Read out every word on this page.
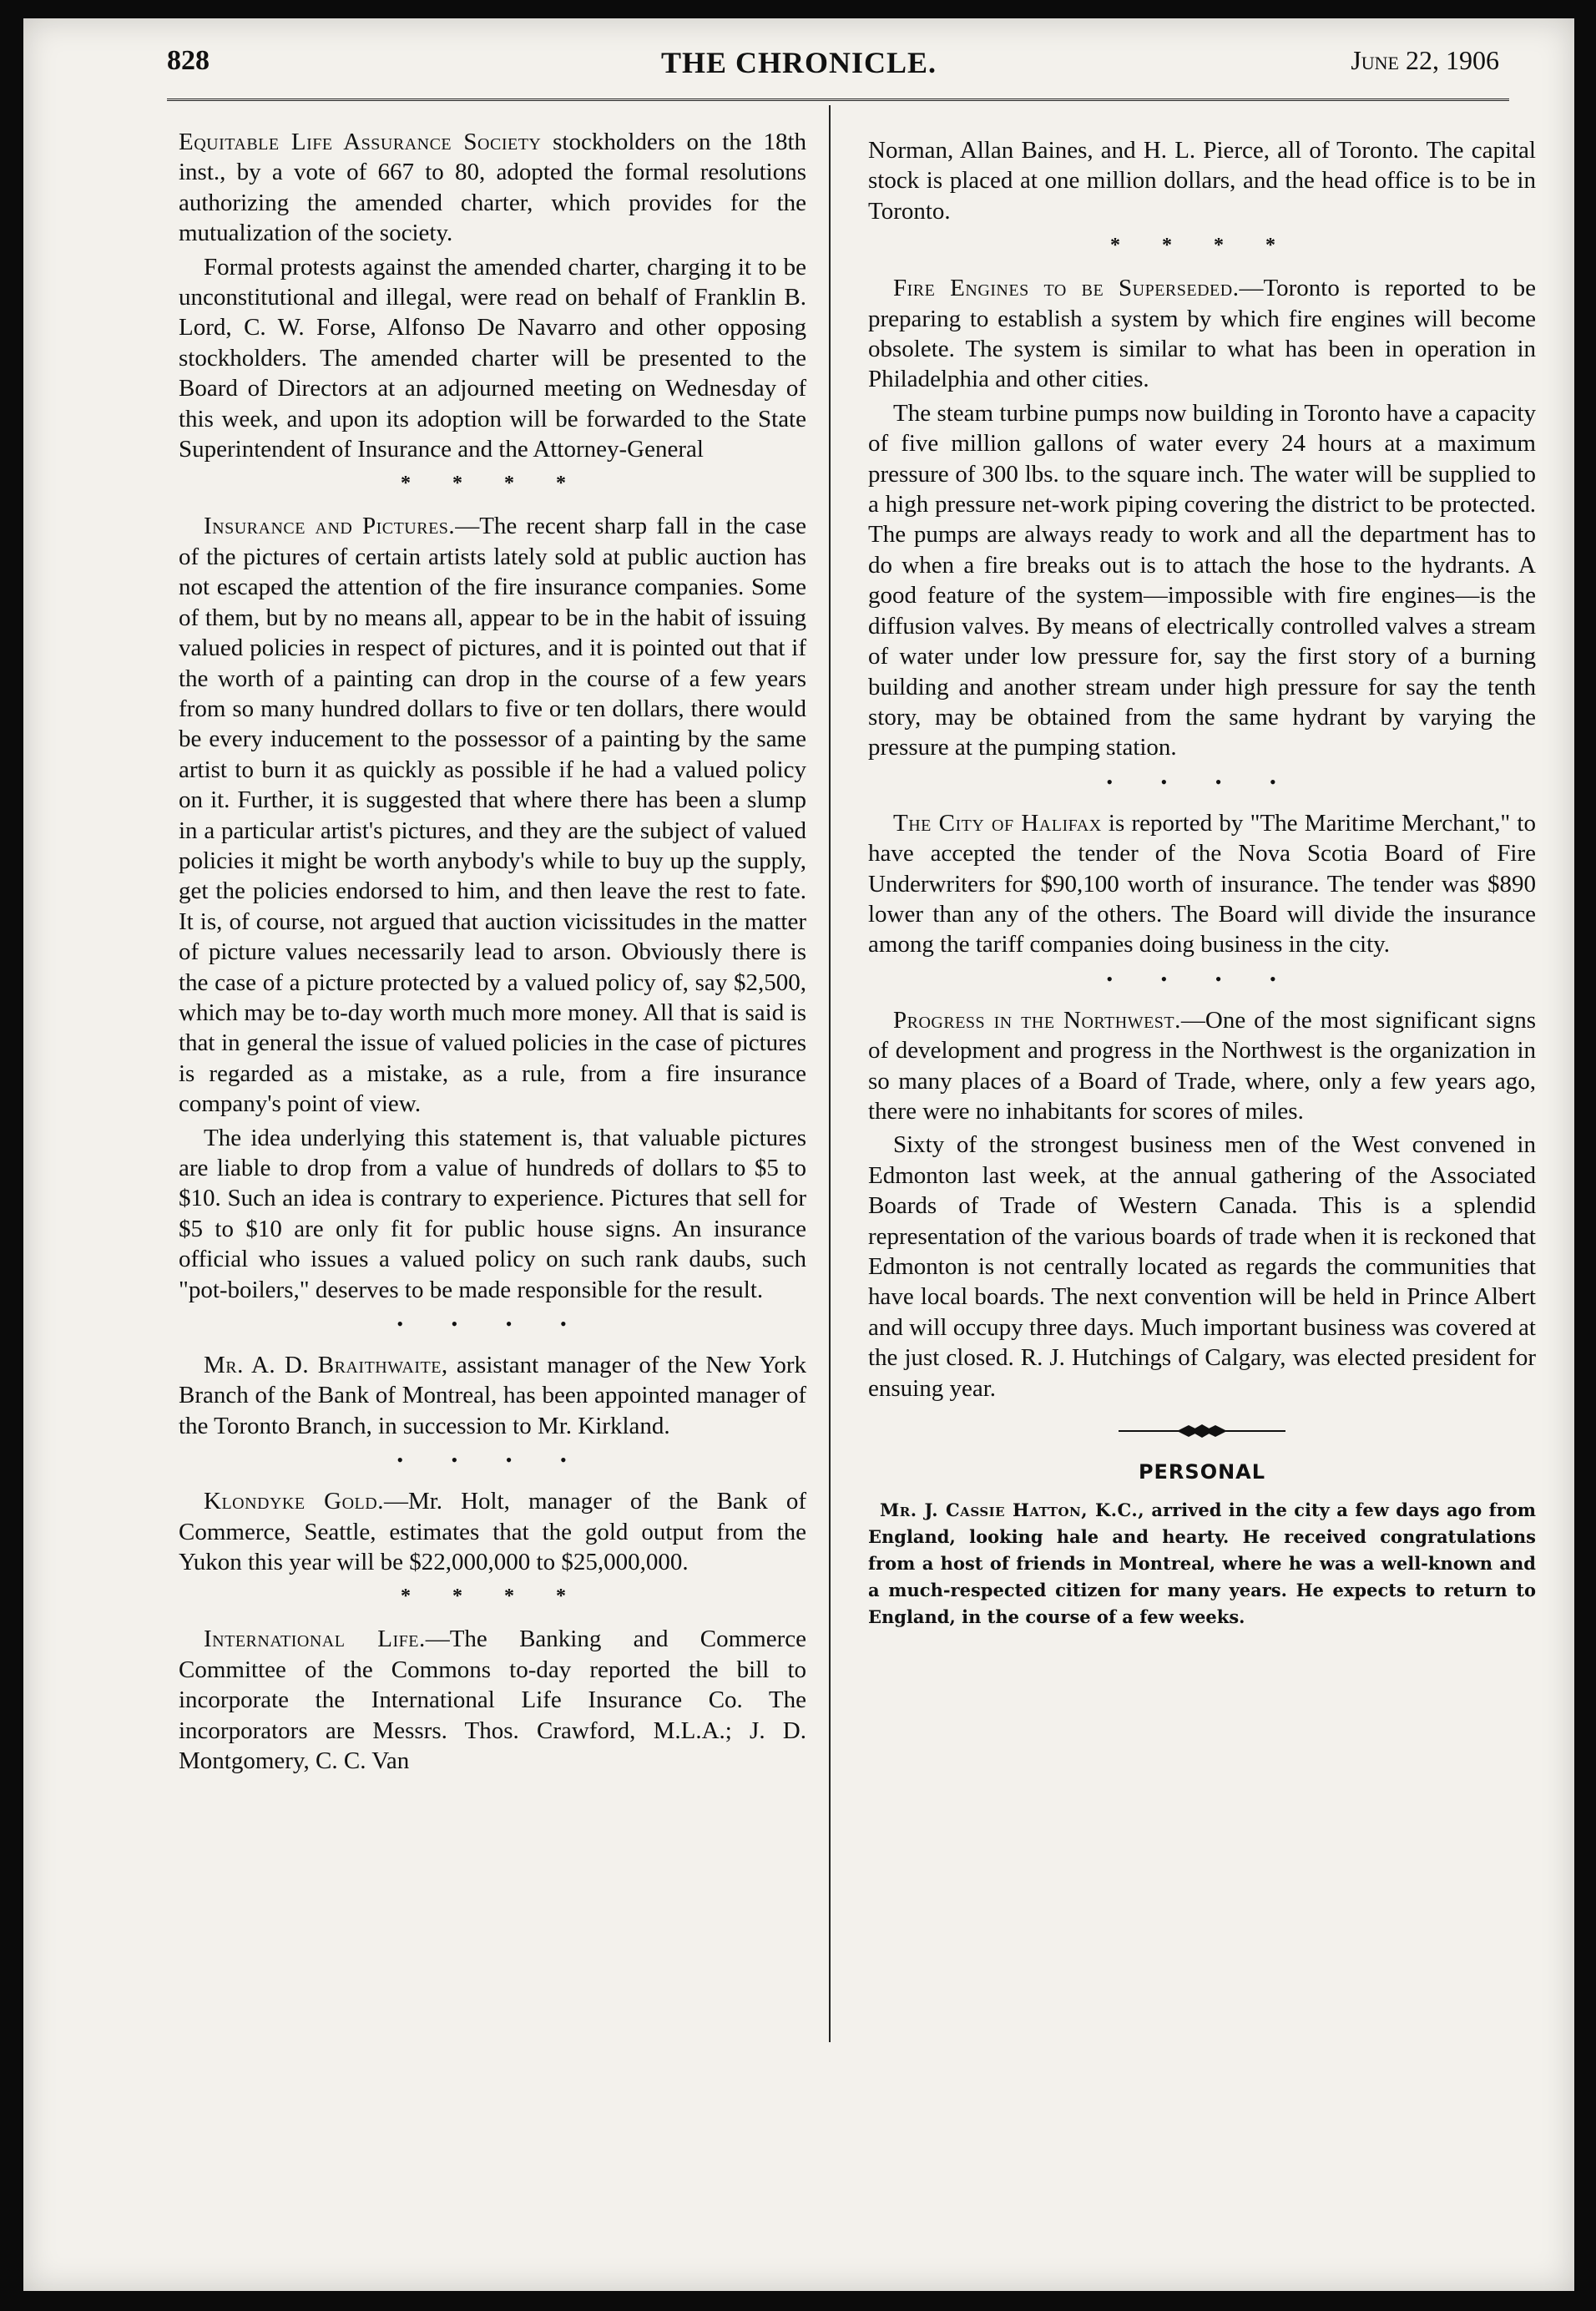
828	THE CHRONICLE.	June 22, 1906

Equitable Life Assurance Society stockholders on the 18th inst., by a vote of 667 to 80, adopted the formal resolutions authorizing the amended charter, which provides for the mutualization of the society.

Formal protests against the amended charter, charging it to be unconstitutional and illegal, were read on behalf of Franklin B. Lord, C. W. Forse, Alfonso De Navarro and other opposing stockholders. The amended charter will be presented to the Board of Directors at an adjourned meeting on Wednesday of this week, and upon its adoption will be forwarded to the State Superintendent of Insurance and the Attorney-General

* * * *

Insurance and Pictures.—The recent sharp fall in the case of the pictures of certain artists lately sold at public auction has not escaped the attention of the fire insurance companies. Some of them, but by no means all, appear to be in the habit of issuing valued policies in respect of pictures, and it is pointed out that if the worth of a painting can drop in the course of a few years from so many hundred dollars to five or ten dollars, there would be every inducement to the possessor of a painting by the same artist to burn it as quickly as possible if he had a valued policy on it. Further, it is suggested that where there has been a slump in a particular artist's pictures, and they are the subject of valued policies it might be worth anybody's while to buy up the supply, get the policies endorsed to him, and then leave the rest to fate. It is, of course, not argued that auction vicissitudes in the matter of picture values necessarily lead to arson. Obviously there is the case of a picture protected by a valued policy of, say $2,500, which may be to-day worth much more money. All that is said is that in general the issue of valued policies in the case of pictures is regarded as a mistake, as a rule, from a fire insurance company's point of view.

The idea underlying this statement is, that valuable pictures are liable to drop from a value of hundreds of dollars to $5 to $10. Such an idea is contrary to experience. Pictures that sell for $5 to $10 are only fit for public house signs. An insurance official who issues a valued policy on such rank daubs, such "pot-boilers," deserves to be made responsible for the result.

• • • •

Mr. A. D. Braithwaite, assistant manager of the New York Branch of the Bank of Montreal, has been appointed manager of the Toronto Branch, in succession to Mr. Kirkland.

• • • •

Klondyke Gold.—Mr. Holt, manager of the Bank of Commerce, Seattle, estimates that the gold output from the Yukon this year will be $22,000,000 to $25,000,000.

* * * *

International Life.—The Banking and Commerce Committee of the Commons to-day reported the bill to incorporate the International Life Insurance Co. The incorporators are Messrs. Thos. Crawford, M.L.A.; J. D. Montgomery, C. C. Van

Norman, Allan Baines, and H. L. Pierce, all of Toronto. The capital stock is placed at one million dollars, and the head office is to be in Toronto.

* * * *

Fire Engines to be Superseded.—Toronto is reported to be preparing to establish a system by which fire engines will become obsolete. The system is similar to what has been in operation in Philadelphia and other cities.

The steam turbine pumps now building in Toronto have a capacity of five million gallons of water every 24 hours at a maximum pressure of 300 lbs. to the square inch. The water will be supplied to a high pressure net-work piping covering the district to be protected. The pumps are always ready to work and all the department has to do when a fire breaks out is to attach the hose to the hydrants. A good feature of the system—impossible with fire engines—is the diffusion valves. By means of electrically controlled valves a stream of water under low pressure for, say the first story of a burning building and another stream under high pressure for say the tenth story, may be obtained from the same hydrant by varying the pressure at the pumping station.

• • • •

The City of Halifax is reported by "The Maritime Merchant," to have accepted the tender of the Nova Scotia Board of Fire Underwriters for $90,100 worth of insurance. The tender was $890 lower than any of the others. The Board will divide the insurance among the tariff companies doing business in the city.

• • • •

Progress in the Northwest.—One of the most significant signs of development and progress in the Northwest is the organization in so many places of a Board of Trade, where, only a few years ago, there were no inhabitants for scores of miles.

Sixty of the strongest business men of the West convened in Edmonton last week, at the annual gathering of the Associated Boards of Trade of Western Canada. This is a splendid representation of the various boards of trade when it is reckoned that Edmonton is not centrally located as regards the communities that have local boards. The next convention will be held in Prince Albert and will occupy three days. Much important business was covered at the just closed. R. J. Hutchings of Calgary, was elected president for ensuing year.

PERSONAL

Mr. J. Cassie Hatton, K.C., arrived in the city a few days ago from England, looking hale and hearty. He received congratulations from a host of friends in Montreal, where he was a well-known and a much-respected citizen for many years. He expects to return to England, in the course of a few weeks.
